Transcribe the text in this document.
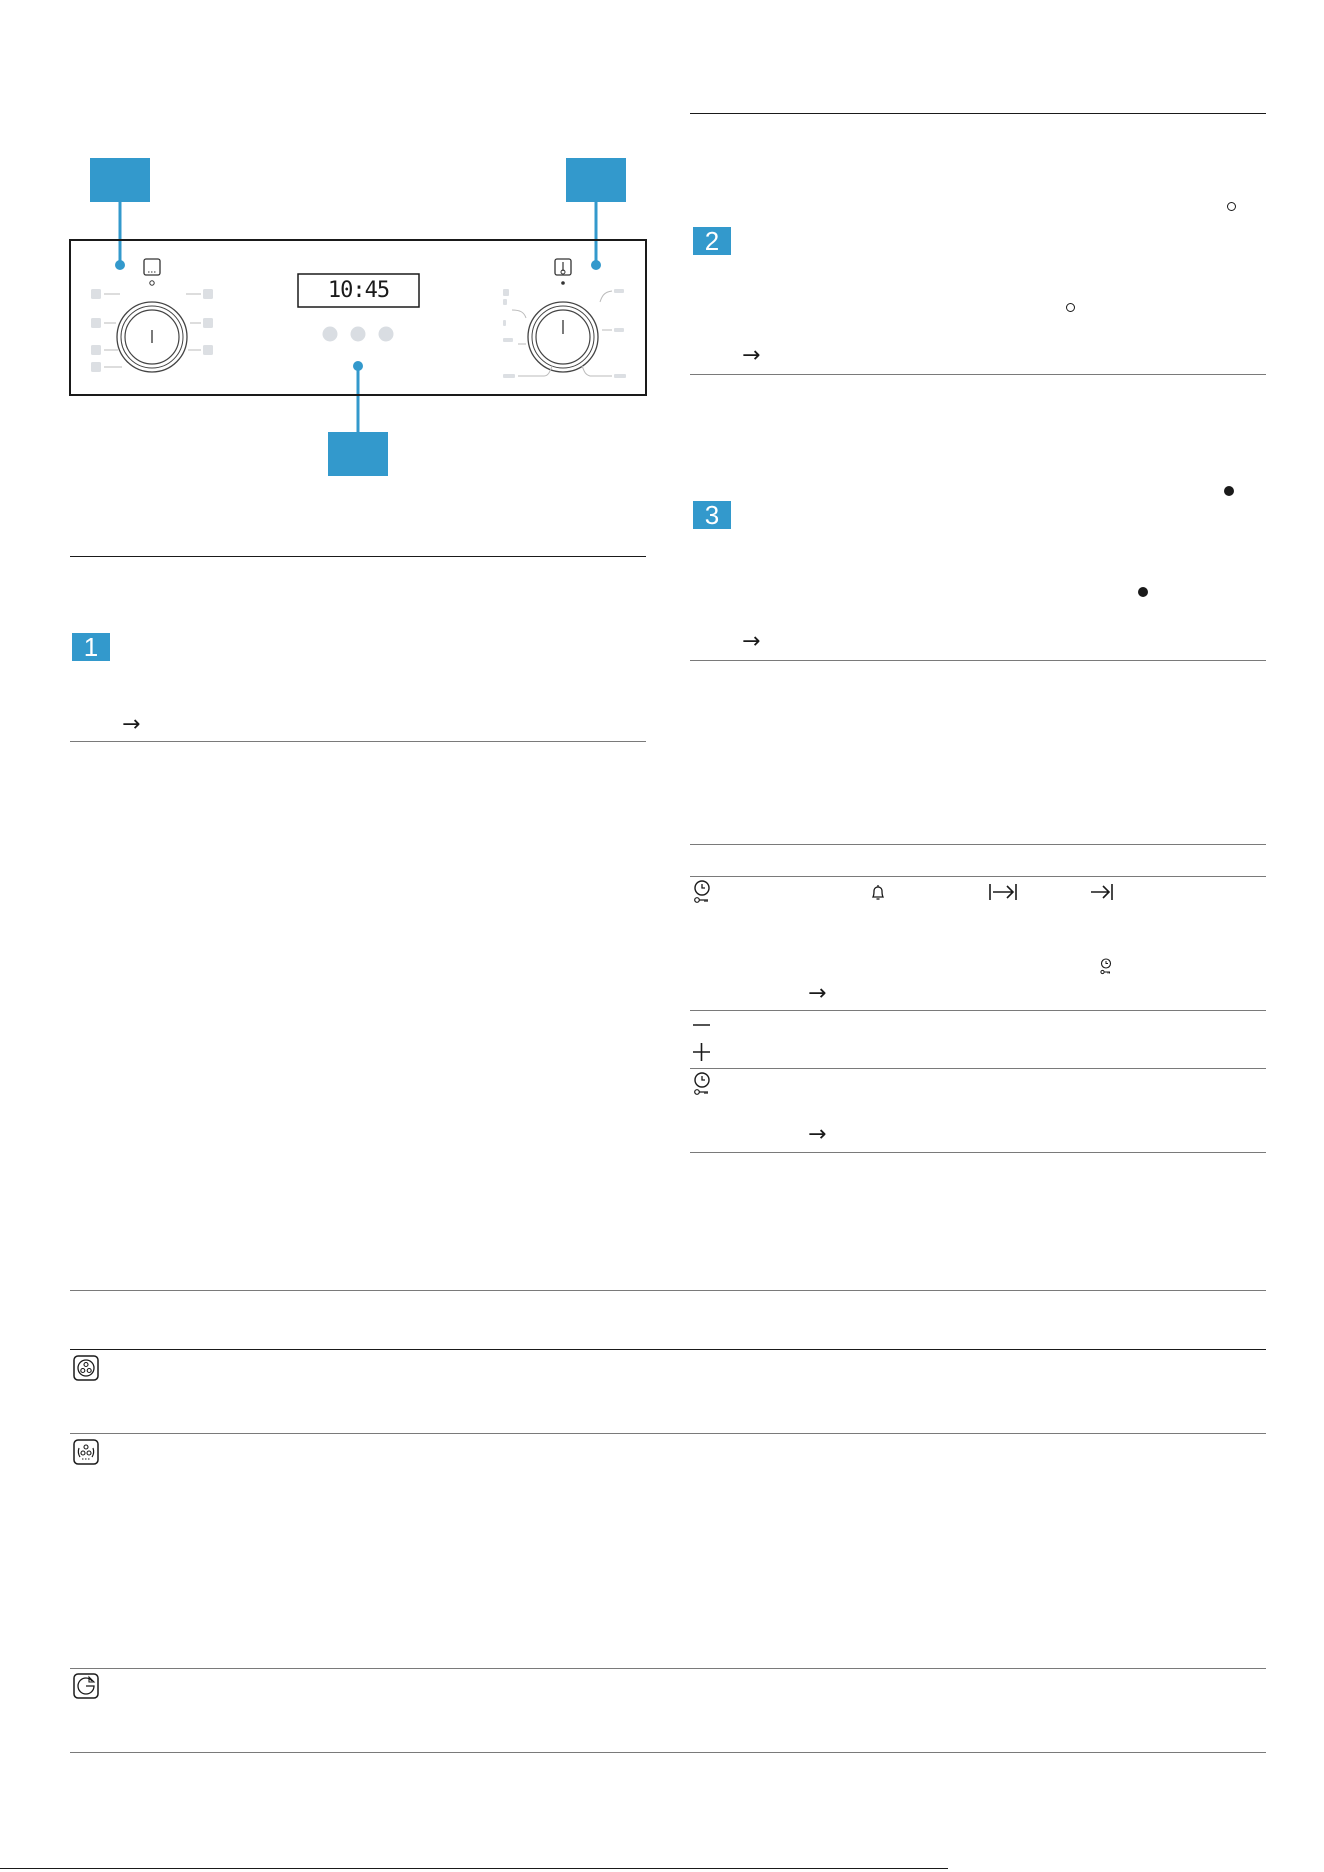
10:45
1
→
2
→
3
→
→
→
